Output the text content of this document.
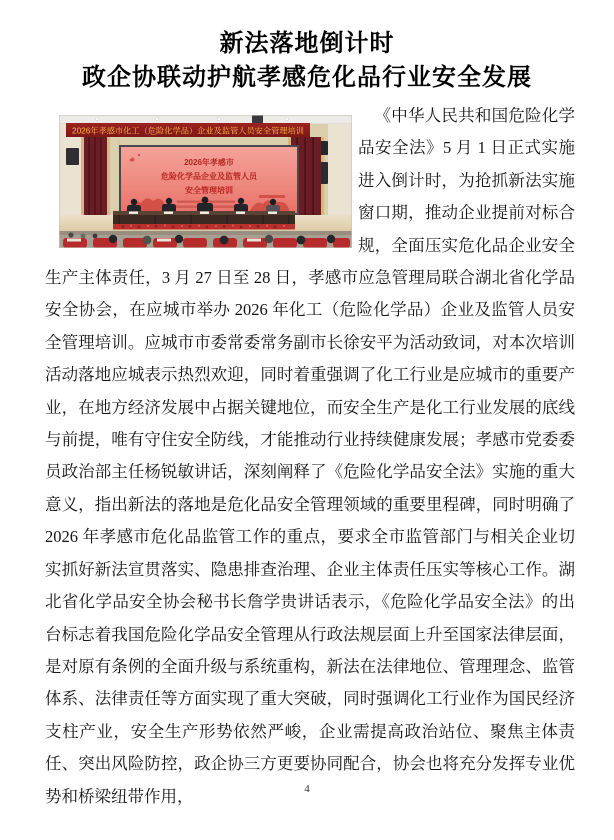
新法落地倒计时
政企协联动护航孝感危化品行业安全发展
2026年孝感市化工（危险化学品）企业及监管人员安全管理培训
2026年孝感市
危险化学品企业及监管人员
安全管理培训

《中华人民共和国危险化学品安全法》5 月 1 日正式实施进入倒计时，为抢抓新法实施窗口期，推动企业提前对标合规，全面压实危化品企业安全生产主体责任，3 月 27 日至 28 日，孝感市应急管理局联合湖北省化学品安全协会，在应城市举办 2026 年化工（危险化学品）企业及监管人员安全管理培训。应城市市委常委常务副市长徐安平为活动致词，对本次培训活动落地应城表示热烈欢迎，同时着重强调了化工行业是应城市的重要产业，在地方经济发展中占据关键地位，而安全生产是化工行业发展的底线与前提，唯有守住安全防线，才能推动行业持续健康发展；孝感市党委委员政治部主任杨锐敏讲话，深刻阐释了《危险化学品安全法》实施的重大意义，指出新法的落地是危化品安全管理领域的重要里程碑，同时明确了 2026 年孝感市危化品监管工作的重点，要求全市监管部门与相关企业切实抓好新法宣贯落实、隐患排查治理、企业主体责任压实等核心工作。湖北省化学品安全协会秘书长詹学贵讲话表示，《危险化学品安全法》的出台标志着我国危险化学品安全管理从行政法规层面上升至国家法律层面，是对原有条例的全面升级与系统重构，新法在法律地位、管理理念、监管体系、法律责任等方面实现了重大突破，同时强调化工行业作为国民经济支柱产业，安全生产形势依然严峻，企业需提高政治站位、聚焦主体责任、突出风险防控，政企协三方更要协同配合，协会也将充分发挥专业优势和桥梁纽带作用，	4
